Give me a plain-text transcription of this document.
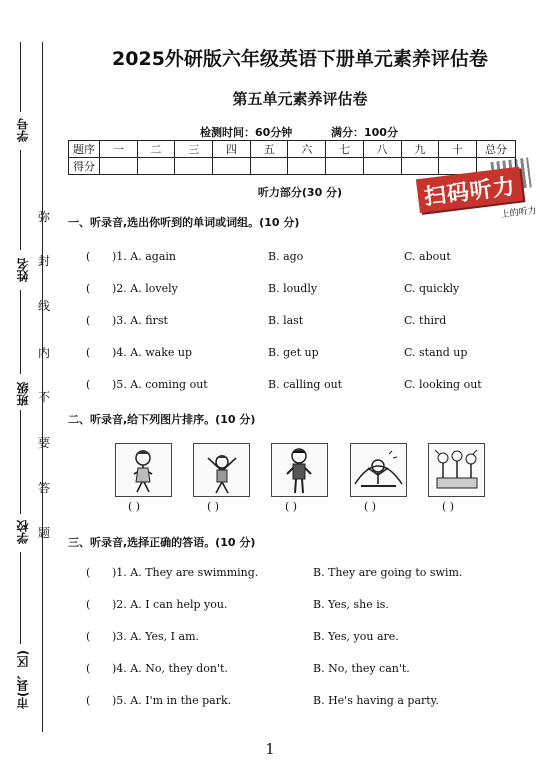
学号
姓名
班级
学校
市(县、区)
弥
封
线
内
不
要
答
题
2025外研版六年级英语下册单元素养评估卷
第五单元素养评估卷
检测时间：60分钟	满分：100分
题序	一	二	三	四	五	六	七	八	九	十	总分
得分											
扫码听力
上的听力
听力部分(30 分)
一、听录音,选出你听到的单词或词组。(10 分)
( )1. A. again	B. ago	C. about
( )2. A. lovely	B. loudly	C. quickly
( )3. A. first	B. last	C. third
( )4. A. wake up	B. get up	C. stand up
( )5. A. coming out	B. calling out	C. looking out
二、听录音,给下列图片排序。(10 分)
( )	( )	( )	( )	( )
三、听录音,选择正确的答语。(10 分)
( )1. A. They are swimming.	B. They are going to swim.
( )2. A. I can help you.	B. Yes, she is.
( )3. A. Yes, I am.	B. Yes, you are.
( )4. A. No, they don't.	B. No, they can't.
( )5. A. I'm in the park.	B. He's having a party.
1
